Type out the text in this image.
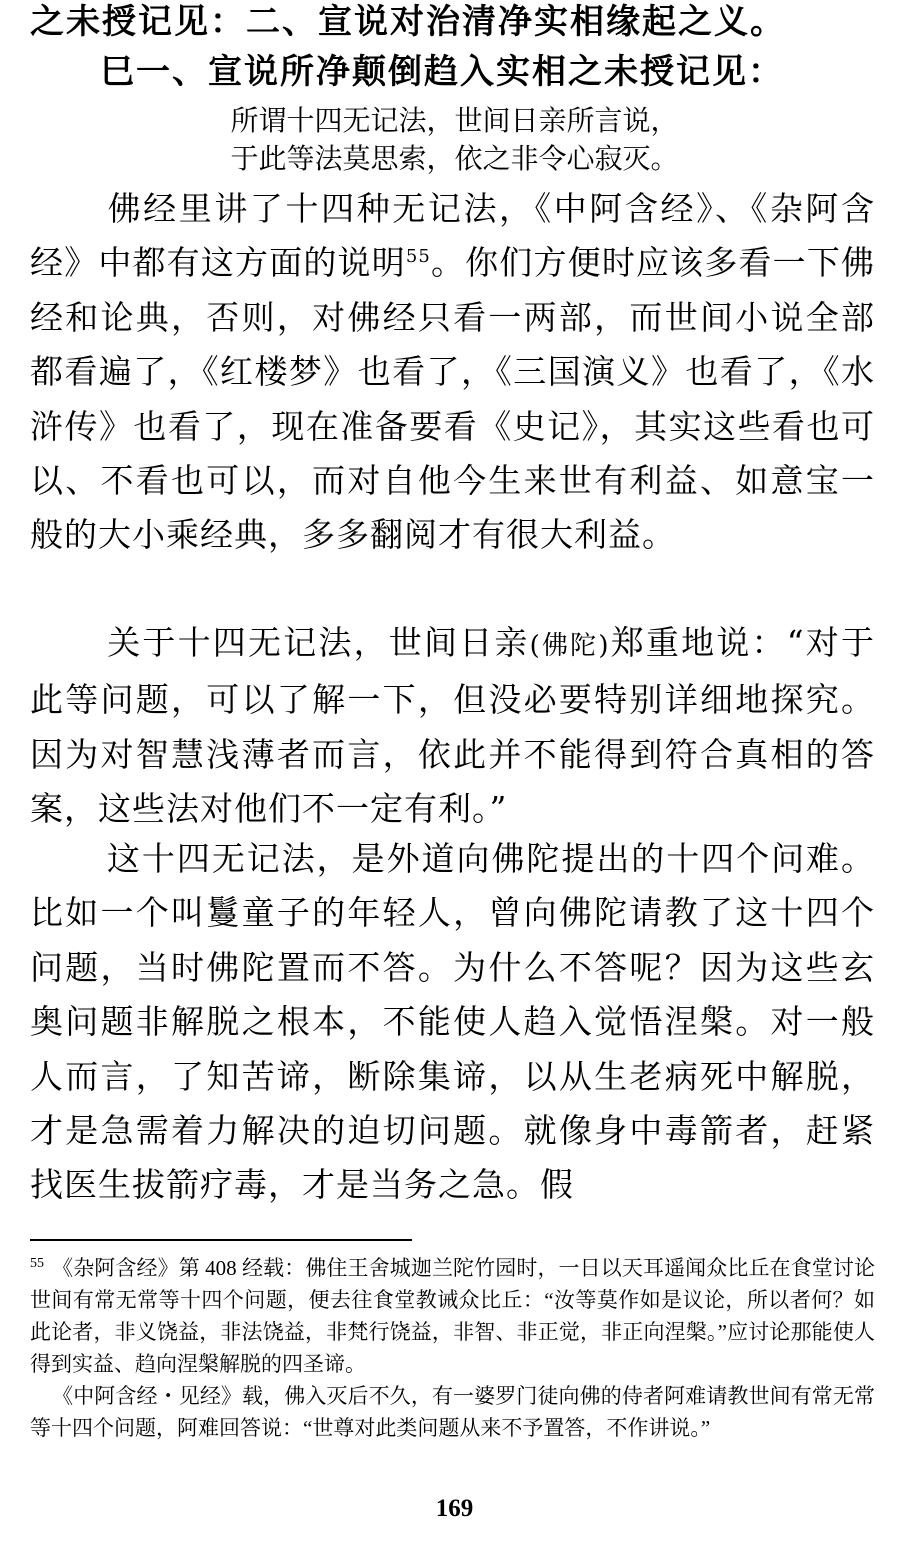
之未授记见：二、宣说对治清净实相缘起之义。
巳一、宣说所净颠倒趋入实相之未授记见：
所谓十四无记法，世间日亲所言说，
于此等法莫思索，依之非令心寂灭。
佛经里讲了十四种无记法，《中阿含经》、《杂阿含经》中都有这方面的说明$^{55}$。你们方便时应该多看一下佛经和论典，否则，对佛经只看一两部，而世间小说全部都看遍了，《红楼梦》也看了，《三国演义》也看了，《水浒传》也看了，现在准备要看《史记》，其实这些看也可以、不看也可以，而对自他今生来世有利益、如意宝一般的大小乘经典，多多翻阅才有很大利益。
关于十四无记法，世间日亲(佛陀)郑重地说：“对于此等问题，可以了解一下，但没必要特别详细地探究。因为对智慧浅薄者而言，依此并不能得到符合真相的答案，这些法对他们不一定有利。”
这十四无记法，是外道向佛陀提出的十四个问难。比如一个叫鬘童子的年轻人，曾向佛陀请教了这十四个问题，当时佛陀置而不答。为什么不答呢？因为这些玄奥问题非解脱之根本，不能使人趋入觉悟涅槃。对一般人而言，了知苦谛，断除集谛，以从生老病死中解脱，才是急需着力解决的迫切问题。就像身中毒箭者，赶紧找医生拔箭疗毒，才是当务之急。假
$^{55}$ 《杂阿含经》第 408 经载：佛住王舍城迦兰陀竹园时，一日以天耳遥闻众比丘在食堂讨论世间有常无常等十四个问题，便去往食堂教诫众比丘：“汝等莫作如是议论，所以者何？如此论者，非义饶益，非法饶益，非梵行饶益，非智、非正觉，非正向涅槃。”应讨论那能使人得到实益、趋向涅槃解脱的四圣谛。
《中阿含经・见经》载，佛入灭后不久，有一婆罗门徒向佛的侍者阿难请教世间有常无常等十四个问题，阿难回答说：“世尊对此类问题从来不予置答，不作讲说。”
169
